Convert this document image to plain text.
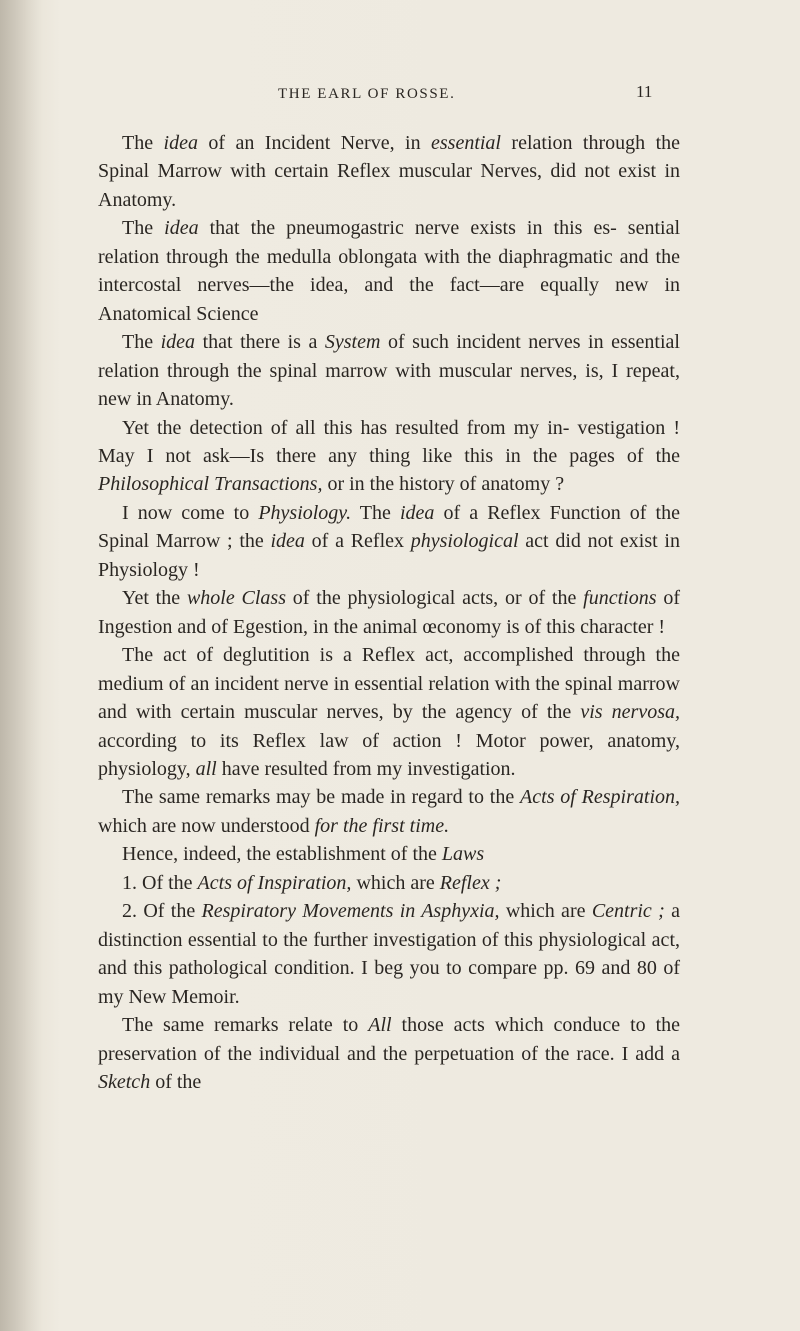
THE EARL OF ROSSE.	11

The idea of an Incident Nerve, in essential relation through the Spinal Marrow with certain Reflex muscular Nerves, did not exist in Anatomy.

The idea that the pneumogastric nerve exists in this es- sential relation through the medulla oblongata with the diaphragmatic and the intercostal nerves—the idea, and the fact—are equally new in Anatomical Science

The idea that there is a System of such incident nerves in essential relation through the spinal marrow with muscular nerves, is, I repeat, new in Anatomy.

Yet the detection of all this has resulted from my in- vestigation ! May I not ask—Is there any thing like this in the pages of the Philosophical Transactions, or in the history of anatomy ?

I now come to Physiology. The idea of a Reflex Function of the Spinal Marrow ; the idea of a Reflex physiological act did not exist in Physiology !

Yet the whole Class of the physiological acts, or of the functions of Ingestion and of Egestion, in the animal œconomy is of this character !

The act of deglutition is a Reflex act, accomplished through the medium of an incident nerve in essential relation with the spinal marrow and with certain muscular nerves, by the agency of the vis nervosa, according to its Reflex law of action ! Motor power, anatomy, physiology, all have resulted from my investigation.

The same remarks may be made in regard to the Acts of Respiration, which are now understood for the first time.

Hence, indeed, the establishment of the Laws

1. Of the Acts of Inspiration, which are Reflex ;

2. Of the Respiratory Movements in Asphyxia, which are Centric ; a distinction essential to the further investigation of this physiological act, and this pathological condition. I beg you to compare pp. 69 and 80 of my New Memoir.

The same remarks relate to All those acts which conduce to the preservation of the individual and the perpetuation of the race. I add a Sketch of the
